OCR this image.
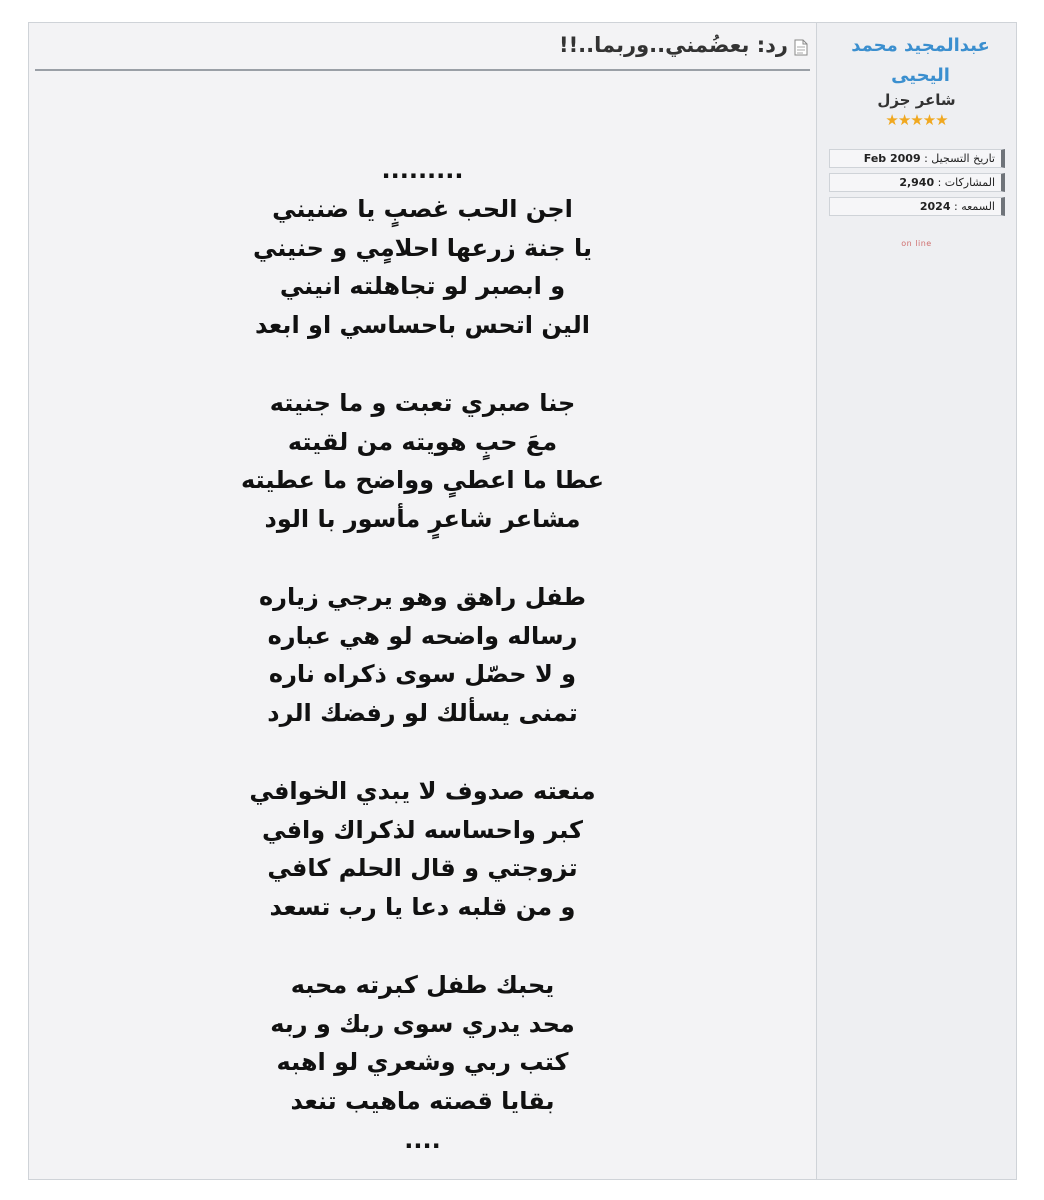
رد: بعضُمني..وربما..!!
.........
اجن الحب غصبٍ يا ضنيني
يا جنة زرعها احلامٍي و حنيني
و ابصبر لو تجاهلته انيني
الين اتحس باحساسي او ابعد
جنا صبري تعبت و ما جنيته
معَ حبٍ هويته من لقيته
عطا ما اعطىٍ وواضح ما عطيته
مشاعر شاعرٍ مأسور با الود
طفل راهق وهو يرجي زياره
رساله واضحه لو هي عباره
و لا حصّل سوى ذكراه ناره
تمنى يسألك لو رفضك الرد
منعته صدوف لا يبدي الخوافي
كبر واحساسه لذكراك وافي
تزوجتي و قال الحلم كافي
و من قلبه دعا يا رب تسعد
يحبك طفل كبرته محبه
محد يدري سوى ربك و ربه
كتب ربي وشعري لو اهبه
بقايا قصته ماهيب تنعد
....
عبدالمجيد محمد اليحيى
شاعر جزل
★★★★★
تاريخ التسجيل : Feb 2009
المشاركات : 2,940
السمعه : 2024
on line
